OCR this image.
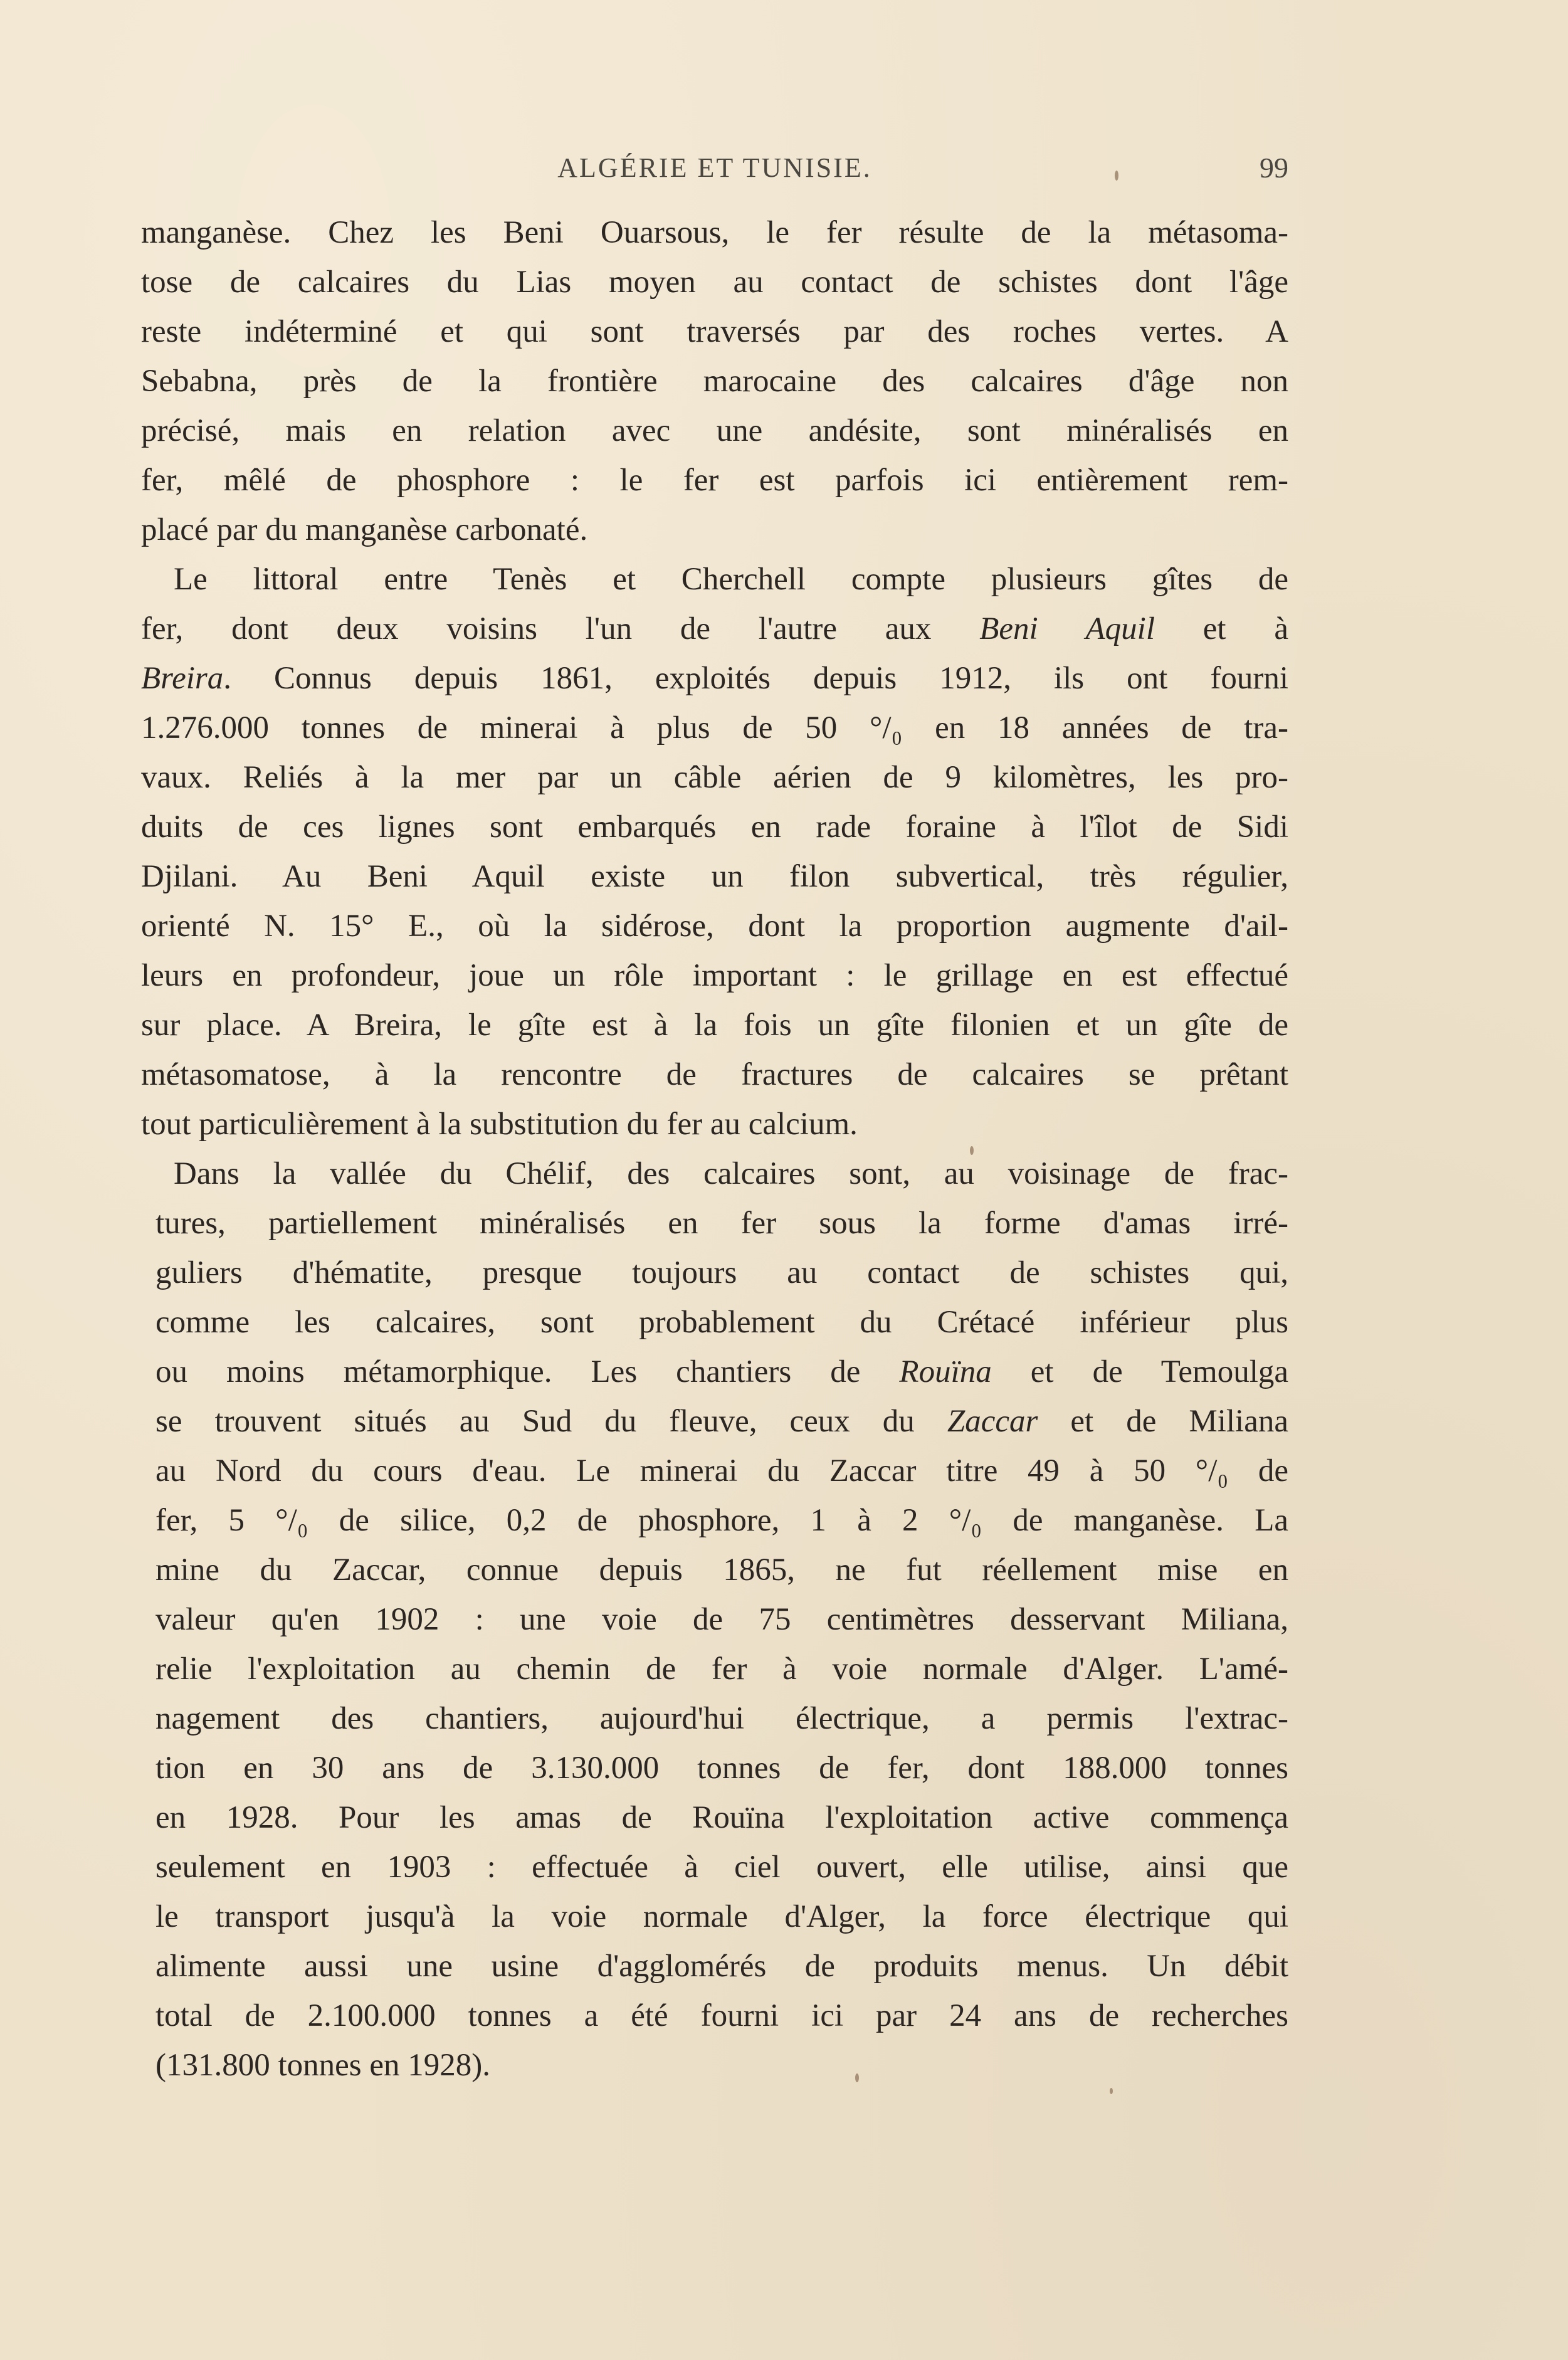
ALGÉRIE ET TUNISIE.	99
manganèse. Chez les Beni Ouarsous, le fer résulte de la métasoma-
tose de calcaires du Lias moyen au contact de schistes dont l'âge
reste indéterminé et qui sont traversés par des roches vertes. A
Sebabna, près de la frontière marocaine des calcaires d'âge non
précisé, mais en relation avec une andésite, sont minéralisés en
fer, mêlé de phosphore : le fer est parfois ici entièrement rem-
placé par du manganèse carbonaté.
Le littoral entre Tenès et Cherchell compte plusieurs gîtes de
fer, dont deux voisins l'un de l'autre aux Beni Aquil et à
Breira. Connus depuis 1861, exploités depuis 1912, ils ont fourni
1.276.000 tonnes de minerai à plus de 50 °/₀ en 18 années de tra-
vaux. Reliés à la mer par un câble aérien de 9 kilomètres, les pro-
duits de ces lignes sont embarqués en rade foraine à l'îlot de Sidi
Djilani. Au Beni Aquil existe un filon subvertical, très régulier,
orienté N. 15° E., où la sidérose, dont la proportion augmente d'ail-
leurs en profondeur, joue un rôle important : le grillage en est effectué
sur place. A Breira, le gîte est à la fois un gîte filonien et un gîte de
métasomatose, à la rencontre de fractures de calcaires se prêtant
tout particulièrement à la substitution du fer au calcium.
Dans la vallée du Chélif, des calcaires sont, au voisinage de frac-
tures, partiellement minéralisés en fer sous la forme d'amas irré-
guliers d'hématite, presque toujours au contact de schistes qui,
comme les calcaires, sont probablement du Crétacé inférieur plus
ou moins métamorphique. Les chantiers de Rouïna et de Temoulga
se trouvent situés au Sud du fleuve, ceux du Zaccar et de Miliana
au Nord du cours d'eau. Le minerai du Zaccar titre 49 à 50 °/₀ de
fer, 5 °/₀ de silice, 0,2 de phosphore, 1 à 2 °/₀ de manganèse. La
mine du Zaccar, connue depuis 1865, ne fut réellement mise en
valeur qu'en 1902 : une voie de 75 centimètres desservant Miliana,
relie l'exploitation au chemin de fer à voie normale d'Alger. L'amé-
nagement des chantiers, aujourd'hui électrique, a permis l'extrac-
tion en 30 ans de 3.130.000 tonnes de fer, dont 188.000 tonnes
en 1928. Pour les amas de Rouïna l'exploitation active commença
seulement en 1903 : effectuée à ciel ouvert, elle utilise, ainsi que
le transport jusqu'à la voie normale d'Alger, la force électrique qui
alimente aussi une usine d'agglomérés de produits menus. Un débit
total de 2.100.000 tonnes a été fourni ici par 24 ans de recherches
(131.800 tonnes en 1928).
